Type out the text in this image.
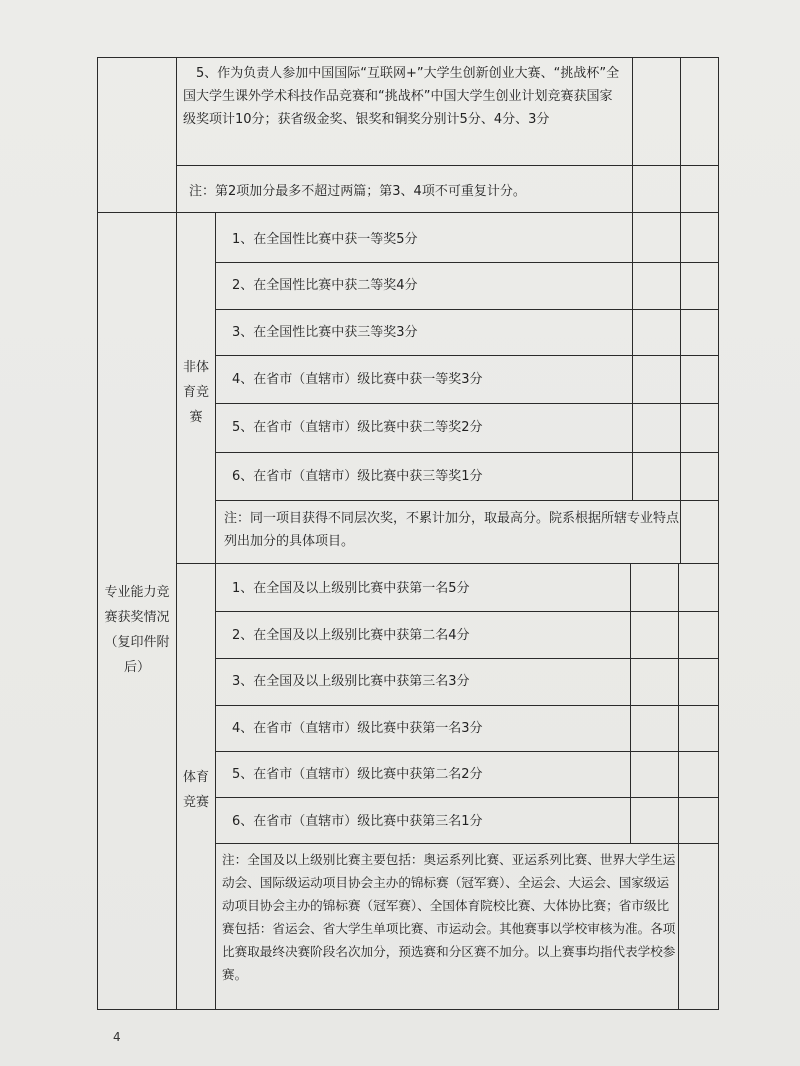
5、作为负责人参加中国国际“互联网+”大学生创新创业大赛、“挑战杯”全国大学生课外学术科技作品竞赛和“挑战杯”中国大学生创业计划竞赛获国家级奖项计10分；获省级金奖、银奖和铜奖分别计5分、4分、3分
注：第2项加分最多不超过两篇；第3、4项不可重复计分。
专业能力竞赛获奖情况（复印件附后）
非体育竞赛
1、在全国性比赛中获一等奖5分
2、在全国性比赛中获二等奖4分
3、在全国性比赛中获三等奖3分
4、在省市（直辖市）级比赛中获一等奖3分
5、在省市（直辖市）级比赛中获二等奖2分
6、在省市（直辖市）级比赛中获三等奖1分
注：同一项目获得不同层次奖，不累计加分，取最高分。院系根据所辖专业特点列出加分的具体项目。
体育竞赛
1、在全国及以上级别比赛中获第一名5分
2、在全国及以上级别比赛中获第二名4分
3、在全国及以上级别比赛中获第三名3分
4、在省市（直辖市）级比赛中获第一名3分
5、在省市（直辖市）级比赛中获第二名2分
6、在省市（直辖市）级比赛中获第三名1分
注：全国及以上级别比赛主要包括：奥运系列比赛、亚运系列比赛、世界大学生运动会、国际级运动项目协会主办的锦标赛（冠军赛）、全运会、大运会、国家级运动项目协会主办的锦标赛（冠军赛）、全国体育院校比赛、大体协比赛；省市级比赛包括：省运会、省大学生单项比赛、市运动会。其他赛事以学校审核为准。各项比赛取最终决赛阶段名次加分，预选赛和分区赛不加分。以上赛事均指代表学校参赛。
4
